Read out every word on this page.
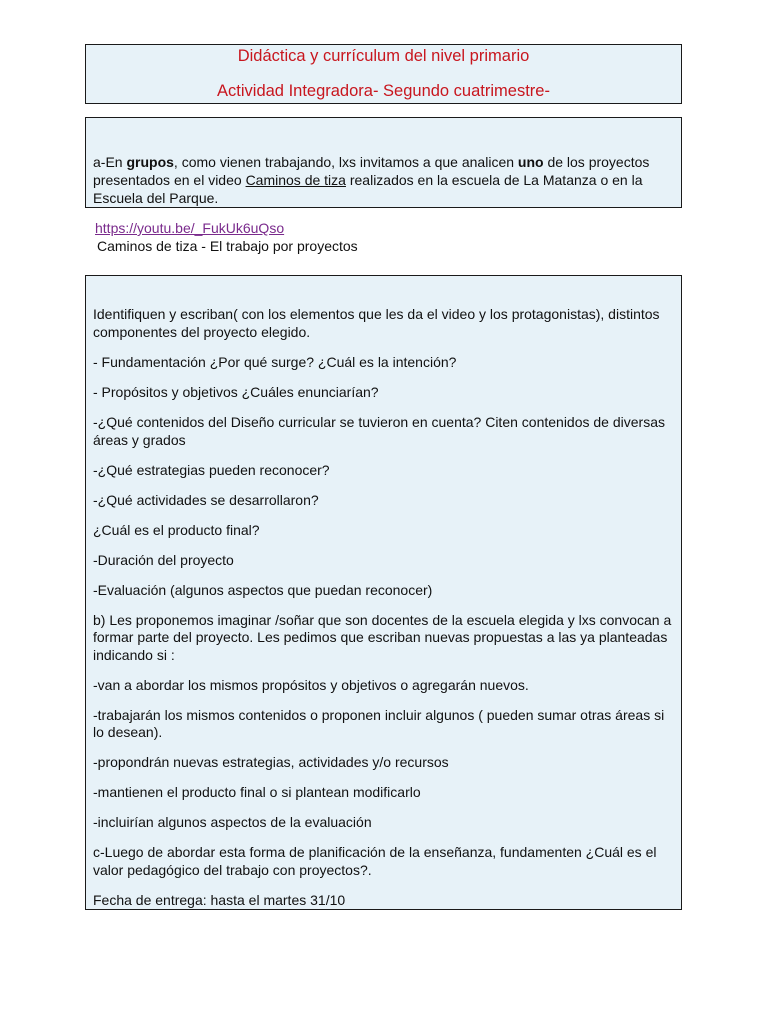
Didáctica y currículum del nivel primario
Actividad Integradora- Segundo cuatrimestre-

a-En grupos, como vienen trabajando, lxs invitamos a que analicen uno de los proyectos presentados en el video Caminos de tiza realizados en la escuela de La Matanza o en la Escuela del Parque.

https://youtu.be/_FukUk6uQso
Caminos de tiza - El trabajo por proyectos

Identifiquen y escriban( con los elementos que les da el video y los protagonistas), distintos componentes del proyecto elegido.

- Fundamentación ¿Por qué surge? ¿Cuál es la intención?

- Propósitos y objetivos ¿Cuáles enunciarían?

-¿Qué contenidos del Diseño curricular se tuvieron en cuenta? Citen contenidos de diversas áreas y grados

-¿Qué estrategias pueden reconocer?

-¿Qué actividades se desarrollaron?

¿Cuál es el producto final?

-Duración del proyecto

-Evaluación (algunos aspectos que puedan reconocer)

b) Les proponemos imaginar /soñar que son docentes de la escuela elegida y lxs convocan a formar parte del proyecto. Les pedimos que escriban nuevas propuestas a las ya planteadas indicando si :

-van a abordar los mismos propósitos y objetivos o agregarán nuevos.

-trabajarán los mismos contenidos o proponen incluir algunos ( pueden sumar otras áreas si lo desean).

-propondrán nuevas estrategias, actividades y/o recursos

-mantienen el producto final o si plantean modificarlo

-incluirían algunos aspectos de la evaluación

c-Luego de abordar esta forma de planificación de la enseñanza, fundamenten ¿Cuál es el valor pedagógico del trabajo con proyectos?.

Fecha de entrega: hasta el martes 31/10
